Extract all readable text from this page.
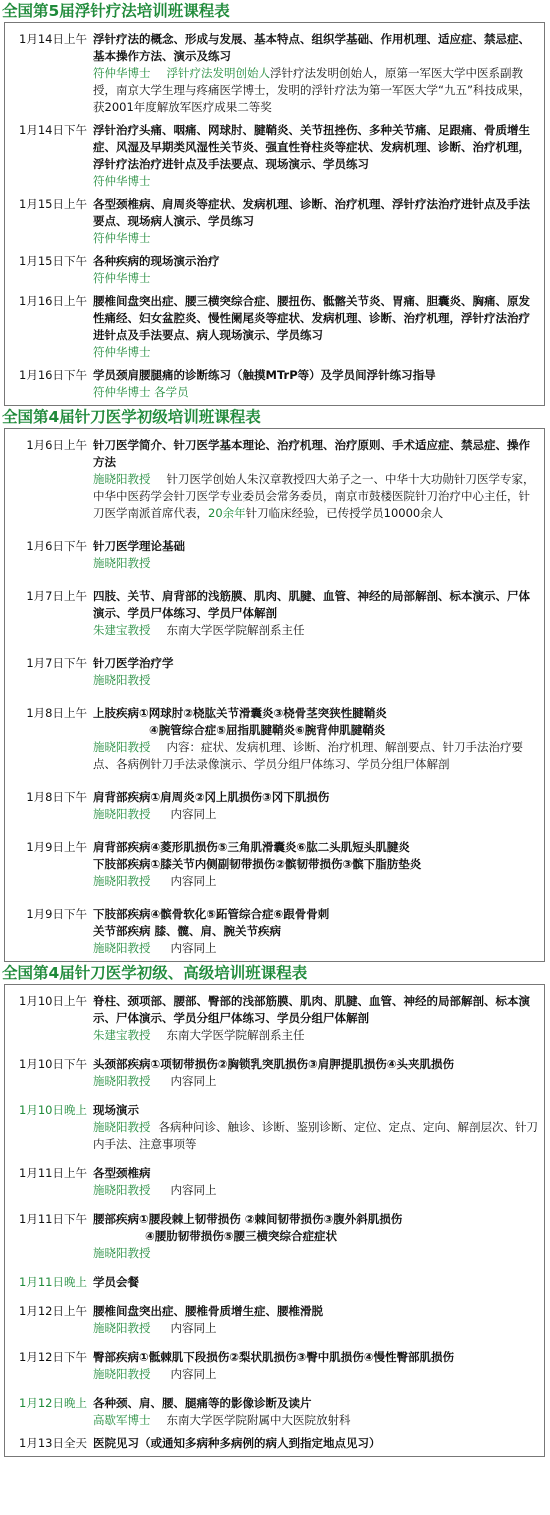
全国第5届浮针疗法培训班课程表
1月14日上午 浮针疗法的概念、形成与发展、基本特点、组织学基础、作用机理、适应症、禁忌症、基本操作方法、演示及练习
符仲华博士 浮针疗法发明创始人浮针疗法发明创始人，原第一军医大学中医系副教授，南京大学生理与疼痛医学博士，发明的浮针疗法为第一军医大学“九五”科技成果，获2001年度解放军医疗成果二等奖
1月14日下午 浮针治疗头痛、咽痛、网球肘、腱鞘炎、关节扭挫伤、多种关节痛、足跟痛、骨质增生症、风湿及早期类风湿性关节炎、强直性脊柱炎等症状、发病机理、诊断、治疗机理，浮针疗法治疗进针点及手法要点、现场演示、学员练习
符仲华博士
1月15日上午 各型颈椎病、肩周炎等症状、发病机理、诊断、治疗机理、浮针疗法治疗进针点及手法要点、现场病人演示、学员练习
符仲华博士
1月15日下午 各种疾病的现场演示治疗
符仲华博士
1月16日上午 腰椎间盘突出症、腰三横突综合症、腰扭伤、骶髂关节炎、胃痛、胆囊炎、胸痛、原发性痛经、妇女盆腔炎、慢性阑尾炎等症状、发病机理、诊断、治疗机理，浮针疗法治疗进针点及手法要点、病人现场演示、学员练习
符仲华博士
1月16日下午 学员颈肩腰腿痛的诊断练习（触摸MTrP等）及学员间浮针练习指导
符仲华博士 各学员
全国第4届针刀医学初级培训班课程表
1月6日上午 针刀医学简介、针刀医学基本理论、治疗机理、治疗原则、手术适应症、禁忌症、操作方法
施晓阳教授 针刀医学创始人朱汉章教授四大弟子之一、中华十大功勋针刀医学专家，中华中医药学会针刀医学专业委员会常务委员，南京市鼓楼医院针刀治疗中心主任，针刀医学南派首席代表，20余年针刀临床经验，已传授学员10000余人
1月6日下午 针刀医学理论基础
施晓阳教授
1月7日上午 四肢、关节、肩背部的浅筋膜、肌肉、肌腱、血管、神经的局部解剖、标本演示、尸体演示、学员尸体练习、学员尸体解剖
朱建宝教授 东南大学医学院解剖系主任
1月7日下午 针刀医学治疗学
施晓阳教授
1月8日上午 上肢疾病①网球肘②桡肱关节滑囊炎③桡骨茎突狭性腱鞘炎
④腕管综合症⑤屈指肌腱鞘炎⑥腕背伸肌腱鞘炎
施晓阳教授 内容：症状、发病机理、诊断、治疗机理、解剖要点、针刀手法治疗要点、各病例针刀手法录像演示、学员分组尸体练习、学员分组尸体解剖
1月8日下午 肩背部疾病①肩周炎②冈上肌损伤③冈下肌损伤
施晓阳教授 内容同上
1月9日上午 肩背部疾病④菱形肌损伤⑤三角肌滑囊炎⑥肱二头肌短头肌腱炎
下肢部疾病①膝关节内侧副韧带损伤②髌韧带损伤③髌下脂肪垫炎
施晓阳教授 内容同上
1月9日下午 下肢部疾病④髌骨软化⑤跖管综合症⑥跟骨骨刺
关节部疾病 膝、髋、肩、腕关节疾病
施晓阳教授 内容同上
全国第4届针刀医学初级、高级培训班课程表
1月10日上午 脊柱、颈项部、腰部、臀部的浅部筋膜、肌肉、肌腱、血管、神经的局部解剖、标本演示、尸体演示、学员分组尸体练习、学员分组尸体解剖
朱建宝教授 东南大学医学院解剖系主任
1月10日下午 头颈部疾病①项韧带损伤②胸锁乳突肌损伤③肩胛提肌损伤④头夹肌损伤
施晓阳教授 内容同上
1月10日晚上 现场演示
施晓阳教授 各病种问诊、触诊、诊断、鉴别诊断、定位、定点、定向、解剖层次、针刀内手法、注意事项等
1月11日上午 各型颈椎病
施晓阳教授 内容同上
1月11日下午 腰部疾病①腰段棘上韧带损伤 ②棘间韧带损伤③腹外斜肌损伤
④腰肋韧带损伤⑤腰三横突综合症症状
施晓阳教授
1月11日晚上 学员会餐
1月12日上午 腰椎间盘突出症、腰椎骨质增生症、腰椎滑脱
施晓阳教授 内容同上
1月12日下午 臀部疾病①骶棘肌下段损伤②梨状肌损伤③臀中肌损伤④慢性臀部肌损伤
施晓阳教授 内容同上
1月12日晚上 各种颈、肩、腰、腿痛等的影像诊断及读片
高歇军博士 东南大学医学院附属中大医院放射科
1月13日全天 医院见习（或通知多病种多病例的病人到指定地点见习）
